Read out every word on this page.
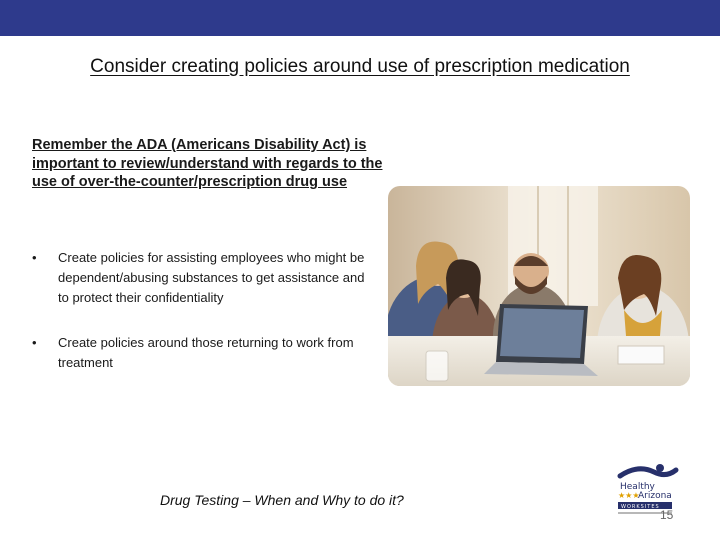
Consider creating policies around use of prescription medication
Remember the ADA (Americans Disability Act) is important to review/understand with regards to the use of over-the-counter/prescription drug use
• Create policies for assisting employees who might be dependent/abusing substances to get assistance and to protect their confidentiality
• Create policies around those returning to work from treatment
Drug Testing – When and Why to do it?
Healthy
★★★
Arizona
WORKSITES
15
